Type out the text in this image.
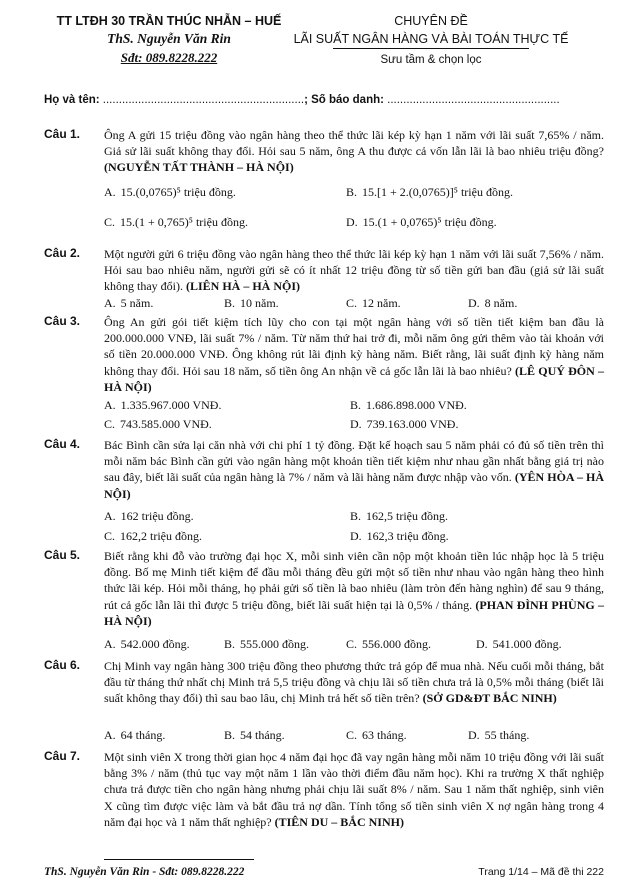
TT LTĐH 30 TRẦN THÚC NHẪN – HUẾ
ThS. Nguyễn Văn Rin
Sđt: 089.8228.222
CHUYÊN ĐỀ
LÃI SUẤT NGÂN HÀNG VÀ BÀI TOÁN THỰC TẾ
Sưu tầm & chọn lọc
Họ và tên: ...............................................................; Số báo danh: ......................................................
Câu 1. Ông A gửi 15 triệu đồng vào ngân hàng theo thể thức lãi kép kỳ hạn 1 năm với lãi suất 7,65% / năm. Giả sử lãi suất không thay đổi. Hỏi sau 5 năm, ông A thu được cả vốn lẫn lãi là bao nhiêu triệu đồng? (NGUYỄN TẤT THÀNH – HÀ NỘI)
A. 15.(0,0765)⁵ triệu đồng.	B. 15.[1 + 2.(0,0765)]⁵ triệu đồng.
C. 15.(1 + 0,765)⁵ triệu đồng.	D. 15.(1 + 0,0765)⁵ triệu đồng.
Câu 2. Một người gửi 6 triệu đồng vào ngân hàng theo thể thức lãi kép kỳ hạn 1 năm với lãi suất 7,56% / năm. Hỏi sau bao nhiêu năm, người gửi sẽ có ít nhất 12 triệu đồng từ số tiền gửi ban đầu (giả sử lãi suất không thay đổi). (LIÊN HÀ – HÀ NỘI)
A. 5 năm.	B. 10 năm.	C. 12 năm.	D. 8 năm.
Câu 3. Ông An gửi gói tiết kiệm tích lũy cho con tại một ngân hàng với số tiền tiết kiệm ban đầu là 200.000.000 VNĐ, lãi suất 7% / năm. Từ năm thứ hai trở đi, mỗi năm ông gửi thêm vào tài khoản với số tiền 20.000.000 VNĐ. Ông không rút lãi định kỳ hàng năm. Biết rằng, lãi suất định kỳ hàng năm không thay đổi. Hỏi sau 18 năm, số tiền ông An nhận về cả gốc lẫn lãi là bao nhiêu? (LÊ QUÝ ĐÔN – HÀ NỘI)
A. 1.335.967.000 VNĐ.	B. 1.686.898.000 VNĐ.
C. 743.585.000 VNĐ.	D. 739.163.000 VNĐ.
Câu 4. Bác Bình cần sửa lại căn nhà với chi phí 1 tỷ đồng. Đặt kế hoạch sau 5 năm phải có đủ số tiền trên thì mỗi năm bác Bình cần gửi vào ngân hàng một khoản tiền tiết kiệm như nhau gần nhất bằng giá trị nào sau đây, biết lãi suất của ngân hàng là 7% / năm và lãi hàng năm được nhập vào vốn. (YÊN HÒA – HÀ NỘI)
A. 162 triệu đồng.	B. 162,5 triệu đồng.
C. 162,2 triệu đồng.	D. 162,3 triệu đồng.
Câu 5. Biết rằng khi đỗ vào trường đại học X, mỗi sinh viên cần nộp một khoản tiền lúc nhập học là 5 triệu đồng. Bố mẹ Minh tiết kiệm để đầu mỗi tháng đều gửi một số tiền như nhau vào ngân hàng theo hình thức lãi kép. Hỏi mỗi tháng, họ phải gửi số tiền là bao nhiêu (làm tròn đến hàng nghìn) để sau 9 tháng, rút cả gốc lẫn lãi thì được 5 triệu đồng, biết lãi suất hiện tại là 0,5% / tháng. (PHAN ĐÌNH PHÙNG – HÀ NỘI)
A. 542.000 đồng.	B. 555.000 đồng.	C. 556.000 đồng.	D. 541.000 đồng.
Câu 6. Chị Minh vay ngân hàng 300 triệu đồng theo phương thức trả góp để mua nhà. Nếu cuối mỗi tháng, bắt đầu từ tháng thứ nhất chị Minh trả 5,5 triệu đồng và chịu lãi số tiền chưa trả là 0,5% mỗi tháng (biết lãi suất không thay đổi) thì sau bao lâu, chị Minh trả hết số tiền trên? (SỞ GD&ĐT BẮC NINH)
A. 64 tháng.	B. 54 tháng.	C. 63 tháng.	D. 55 tháng.
Câu 7. Một sinh viên X trong thời gian học 4 năm đại học đã vay ngân hàng mỗi năm 10 triệu đồng với lãi suất bằng 3% / năm (thủ tục vay một năm 1 lần vào thời điểm đầu năm học). Khi ra trường X thất nghiệp chưa trả được tiền cho ngân hàng nhưng phải chịu lãi suất 8% / năm. Sau 1 năm thất nghiệp, sinh viên X cũng tìm được việc làm và bắt đầu trả nợ dần. Tính tổng số tiền sinh viên X nợ ngân hàng trong 4 năm đại học và 1 năm thất nghiệp? (TIÊN DU – BẮC NINH)
ThS. Nguyễn Văn Rin - Sđt: 089.8228.222	Trang 1/14 – Mã đề thi 222
